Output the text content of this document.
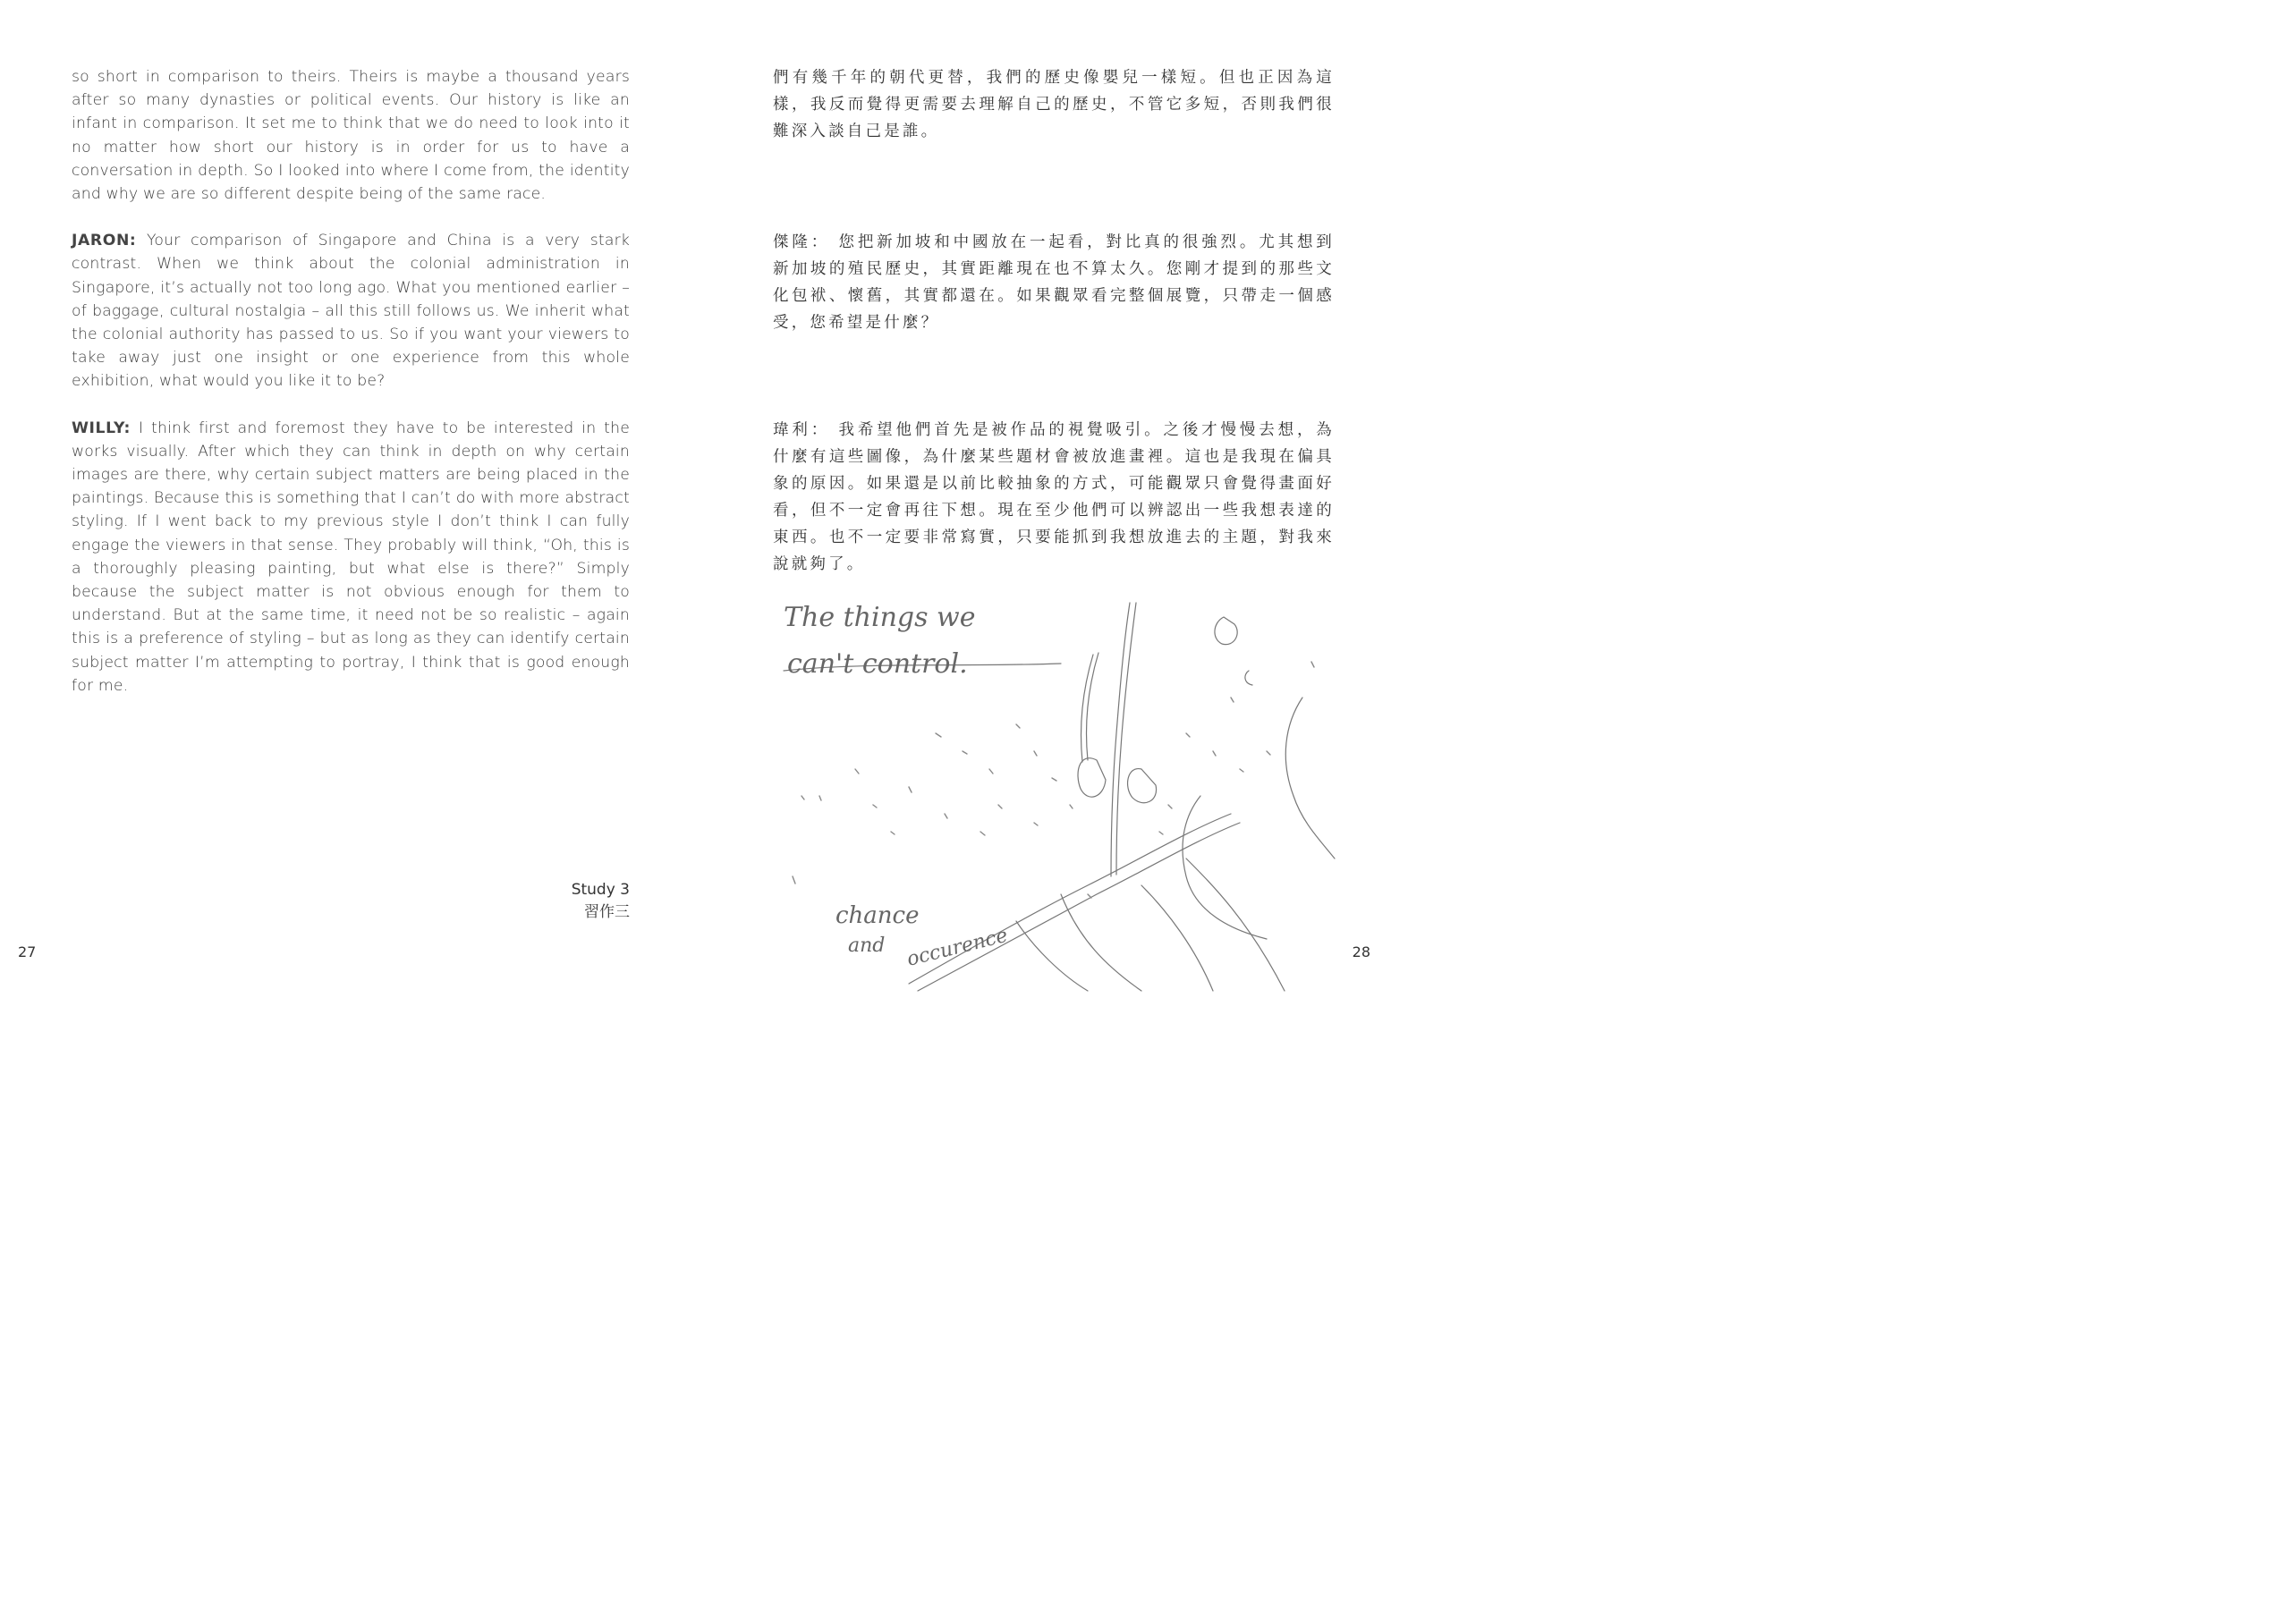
so short in comparison to theirs. Theirs is maybe a thousand years after so many dynasties or political events. Our history is like an infant in comparison. It set me to think that we do need to look into it no matter how short our history is in order for us to have a conversation in depth. So I looked into where I come from, the identity and why we are so different despite being of the same race.

JARON: Your comparison of Singapore and China is a very stark contrast. When we think about the colonial administration in Singapore, it’s actually not too long ago. What you mentioned earlier – of baggage, cultural nostalgia – all this still follows us. We inherit what the colonial authority has passed to us. So if you want your viewers to take away just one insight or one experience from this whole exhibition, what would you like it to be?

WILLY: I think first and foremost they have to be interested in the works visually. After which they can think in depth on why certain images are there, why certain subject matters are being placed in the paintings. Because this is something that I can’t do with more abstract styling. If I went back to my previous style I don’t think I can fully engage the viewers in that sense. They probably will think, “Oh, this is a thoroughly pleasing painting, but what else is there?” Simply because the subject matter is not obvious enough for them to understand. But at the same time, it need not be so realistic – again this is a preference of styling – but as long as they can identify certain subject matter I’m attempting to portray, I think that is good enough for me.

Study 3
習作三
27
們有幾千年的朝代更替，我們的歷史像嬰兒一樣短。但也正因為這樣，我反而覺得更需要去理解自己的歷史，不管它多短，否則我們很難深入談自己是誰。
傑隆： 您把新加坡和中國放在一起看，對比真的很強烈。尤其想到新加坡的殖民歷史，其實距離現在也不算太久。您剛才提到的那些文化包袱、懷舊，其實都還在。如果觀眾看完整個展覽，只帶走一個感受，您希望是什麼？
瑋利： 我希望他們首先是被作品的視覺吸引。之後才慢慢去想，為什麼有這些圖像，為什麼某些題材會被放進畫裡。這也是我現在偏具象的原因。如果還是以前比較抽象的方式，可能觀眾只會覺得畫面好看，但不一定會再往下想。現在至少他們可以辨認出一些我想表達的東西。也不一定要非常寫實，只要能抓到我想放進去的主題，對我來說就夠了。
The things we
can't control.
chance
and occurence	28
